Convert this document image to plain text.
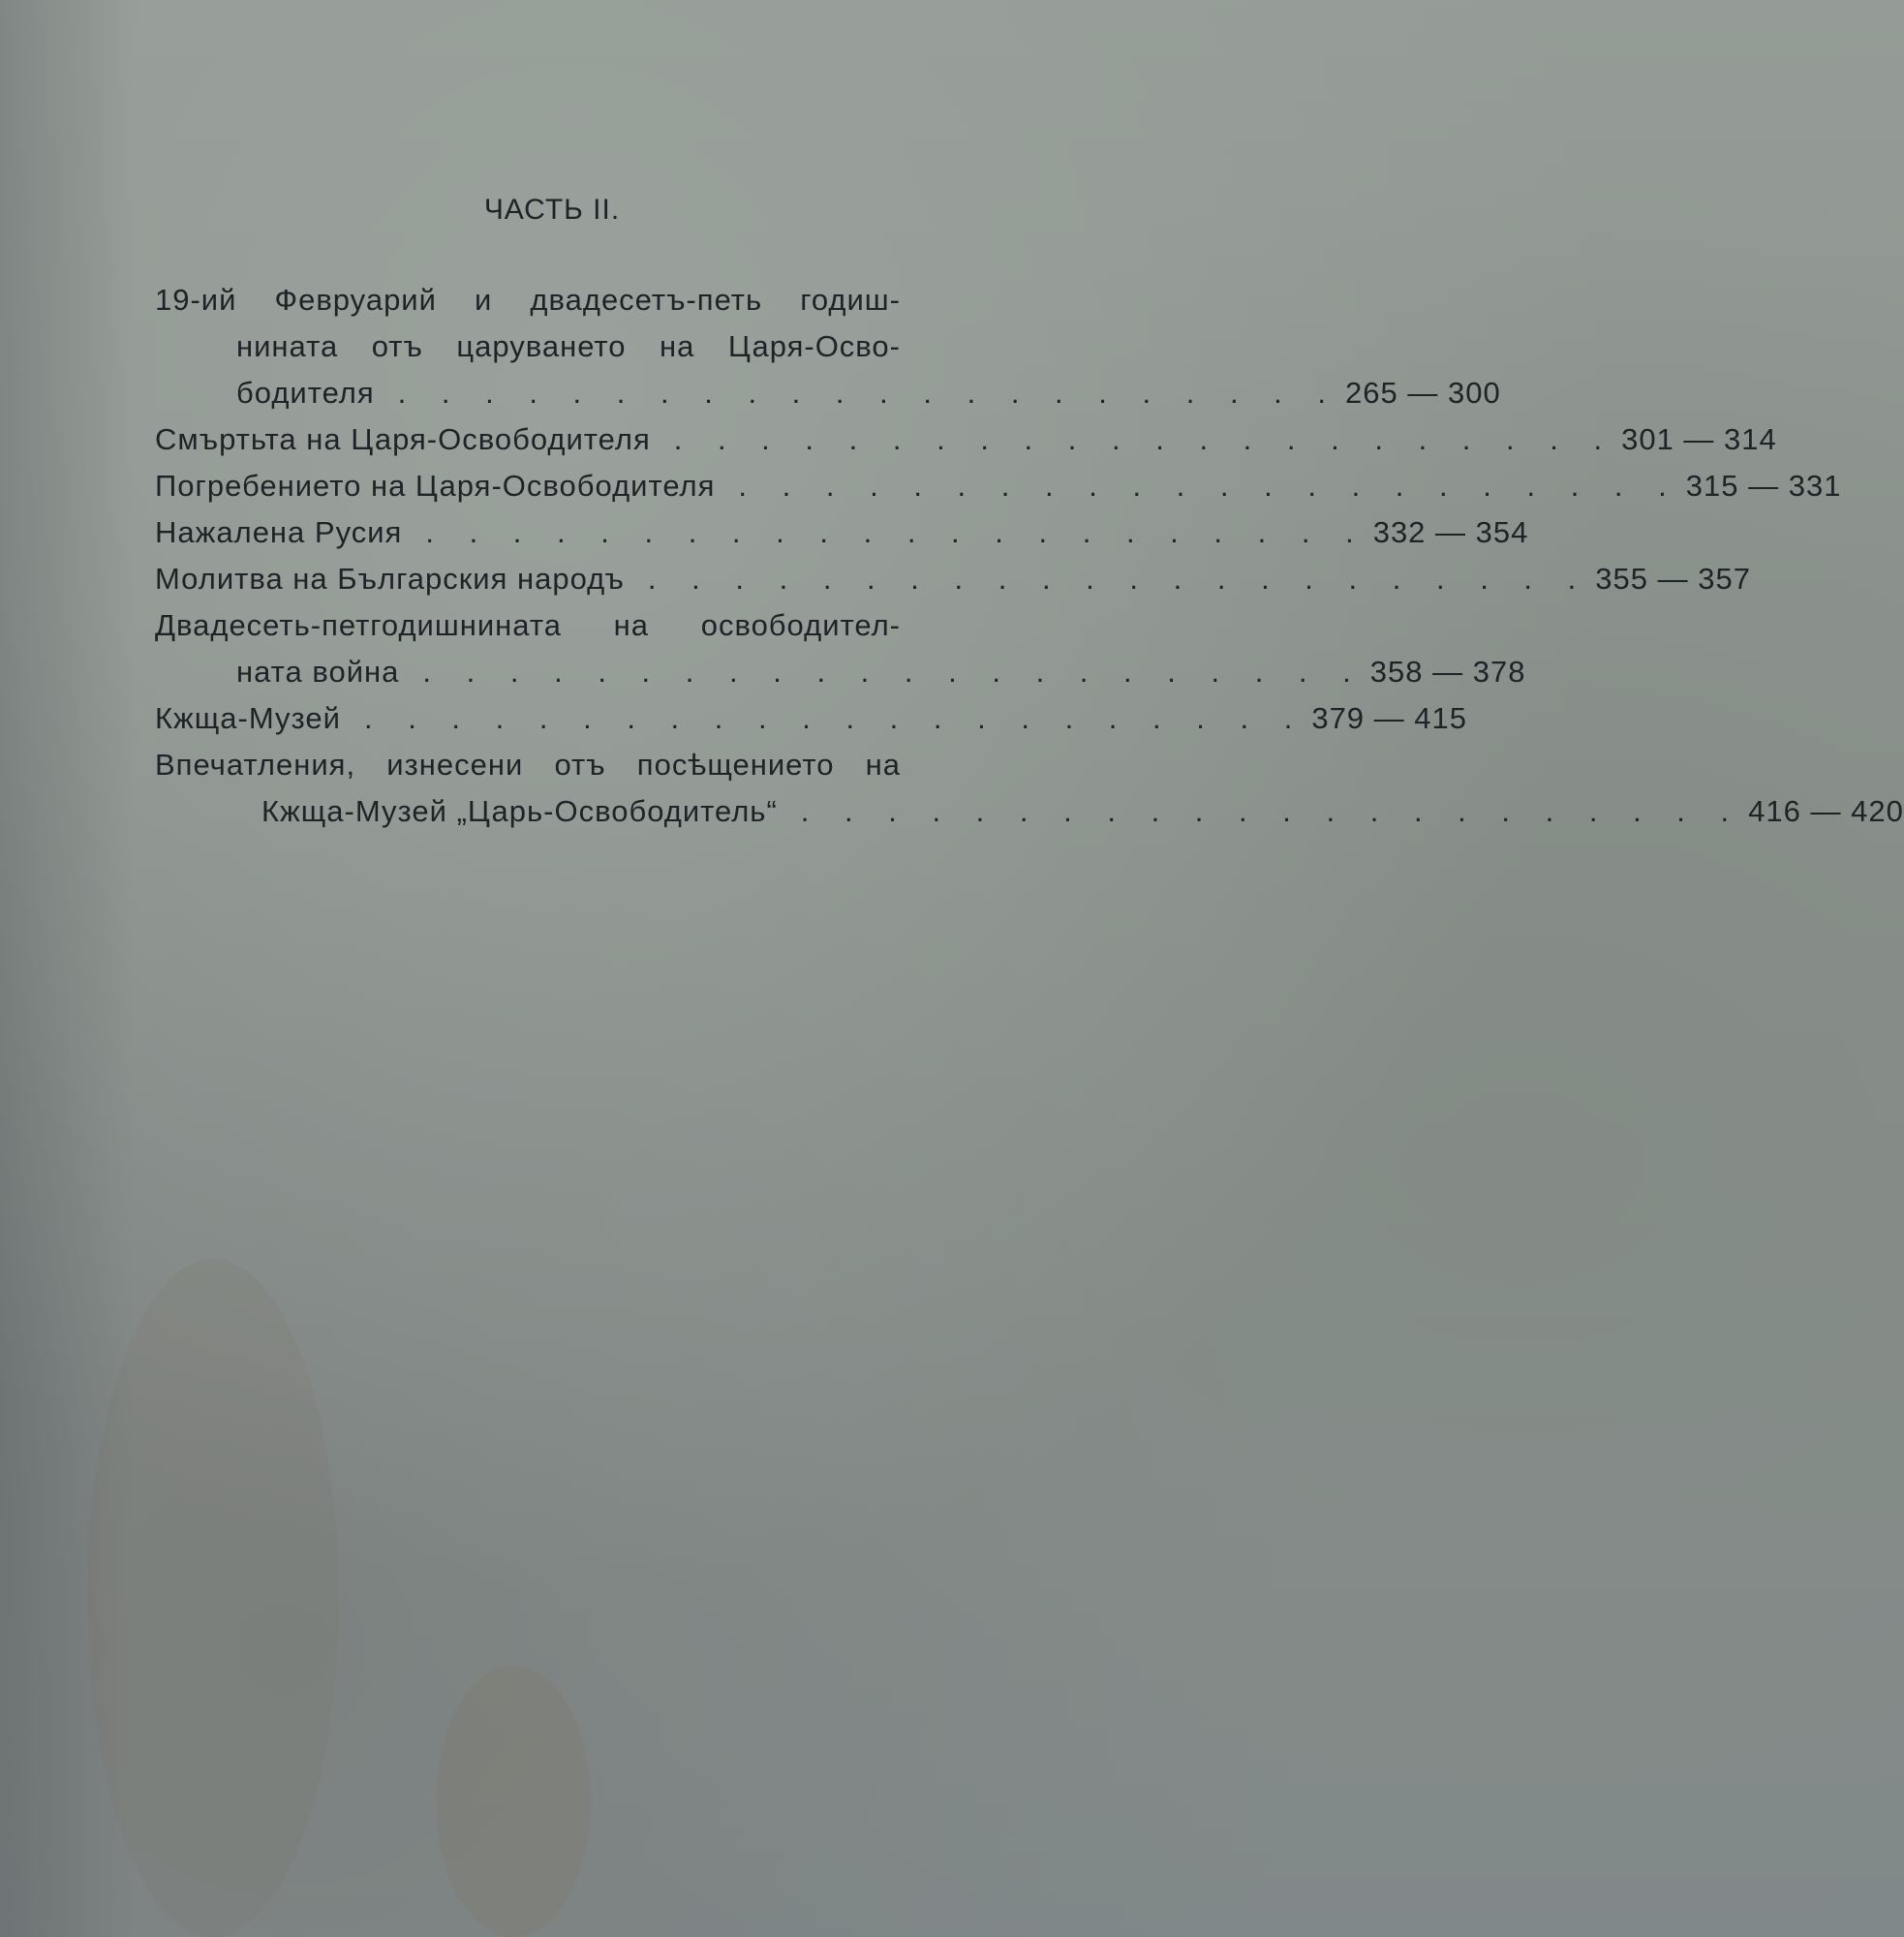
ЧАСТЬ II.
19-ий Февруарий и двадесетъ-петь годиш-
нината отъ царуването на Царя-Осво-
бодителя . . . . . . . . . . . . . . . . . . . . . . 265 — 300
Смъртьта на Царя-Освободителя . . . . . . . . . . . . . . . . . . . . . . 301 — 314
Погребението на Царя-Освободителя . . . . . . . . . . . . . . . . . . . . . . 315 — 331
Нажалена Русия . . . . . . . . . . . . . . . . . . . . . . 332 — 354
Молитва на Българския народъ . . . . . . . . . . . . . . . . . . . . . . 355 — 357
Двадесеть-петгодишнината на освободител-
ната война . . . . . . . . . . . . . . . . . . . . . . 358 — 378
Кжща-Музей . . . . . . . . . . . . . . . . . . . . . . 379 — 415
Впечатления, изнесени отъ посѣщението на
Кжща-Музей „Царь-Освободитель“ . . . . . . . . . . . . . . . . . . . . . . 416 — 420
